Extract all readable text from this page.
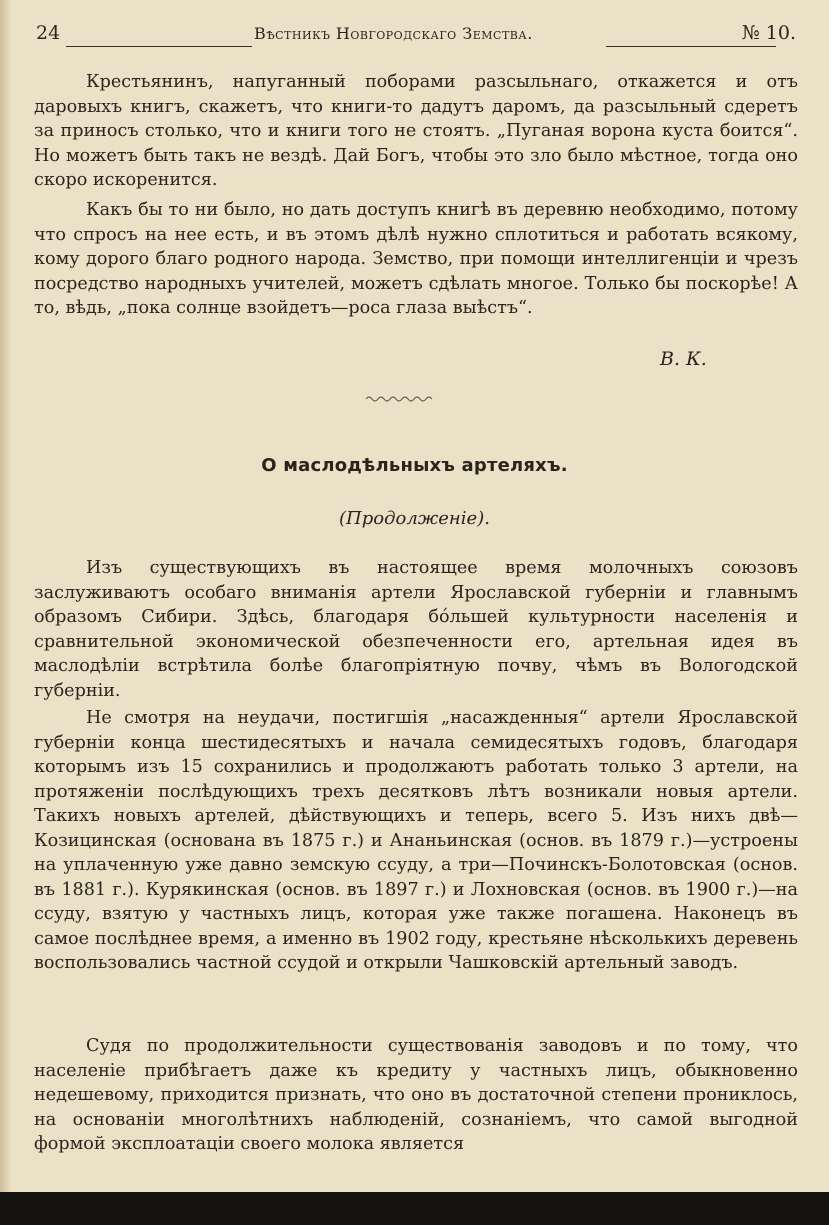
24	Вѣстникъ Новгородскаго Земства.	№ 10.

Крестьянинъ, напуганный поборами разсыльнаго, откажется и отъ даровыхъ книгъ, скажетъ, что книги-то дадутъ даромъ, да разсыльный сдеретъ за приносъ столько, что и книги того не стоятъ. „Пуганая ворона куста боится“. Но можетъ быть такъ не вездѣ. Дай Богъ, чтобы это зло было мѣстное, тогда оно скоро искоренится.

Какъ бы то ни было, но дать доступъ книгѣ въ деревню необходимо, потому что спросъ на нее есть, и въ этомъ дѣлѣ нужно сплотиться и работать всякому, кому дорого благо родного народа. Земство, при помощи интеллигенціи и чрезъ посредство народныхъ учителей, можетъ сдѣлать многое. Только бы поскорѣе! А то, вѣдь, „пока солнце взойдетъ—роса глаза выѣстъ“.

В. К.
О маслодѣльныхъ артеляхъ.
(Продолженіе).

Изъ существующихъ въ настоящее время молочныхъ союзовъ заслуживаютъ особаго вниманія артели Ярославской губерніи и главнымъ образомъ Сибири. Здѣсь, благодаря бóльшей культурности населенія и сравнительной экономической обезпеченности его, артельная идея въ маслодѣліи встрѣтила болѣе благопріятную почву, чѣмъ въ Вологодской губерніи.

Не смотря на неудачи, постигшія „насажденныя“ артели Ярославской губерніи конца шестидесятыхъ и начала семидесятыхъ годовъ, благодаря которымъ изъ 15 сохранились и продолжаютъ работать только 3 артели, на протяженіи послѣдующихъ трехъ десятковъ лѣтъ возникали новыя артели. Такихъ новыхъ артелей, дѣйствующихъ и теперь, всего 5. Изъ нихъ двѣ—Козицинская (основана въ 1875 г.) и Ананьинская (основ. въ 1879 г.)—устроены на уплаченную уже давно земскую ссуду, а три—Починскъ-Болотовская (основ. въ 1881 г.). Курякинская (основ. въ 1897 г.) и Лохновская (основ. въ 1900 г.)—на ссуду, взятую у частныхъ лицъ, которая уже также погашена. Наконецъ въ самое послѣднее время, а именно въ 1902 году, крестьяне нѣсколькихъ деревень воспользовались частной ссудой и открыли Чашковскій артельный заводъ.

Судя по продолжительности существованія заводовъ и по тому, что населеніе прибѣгаетъ даже къ кредиту у частныхъ лицъ, обыкновенно недешевому, приходится признать, что оно въ достаточной степени прониклось, на основаніи многолѣтнихъ наблюденій, сознаніемъ, что самой выгодной формой эксплоатаціи своего молока является
